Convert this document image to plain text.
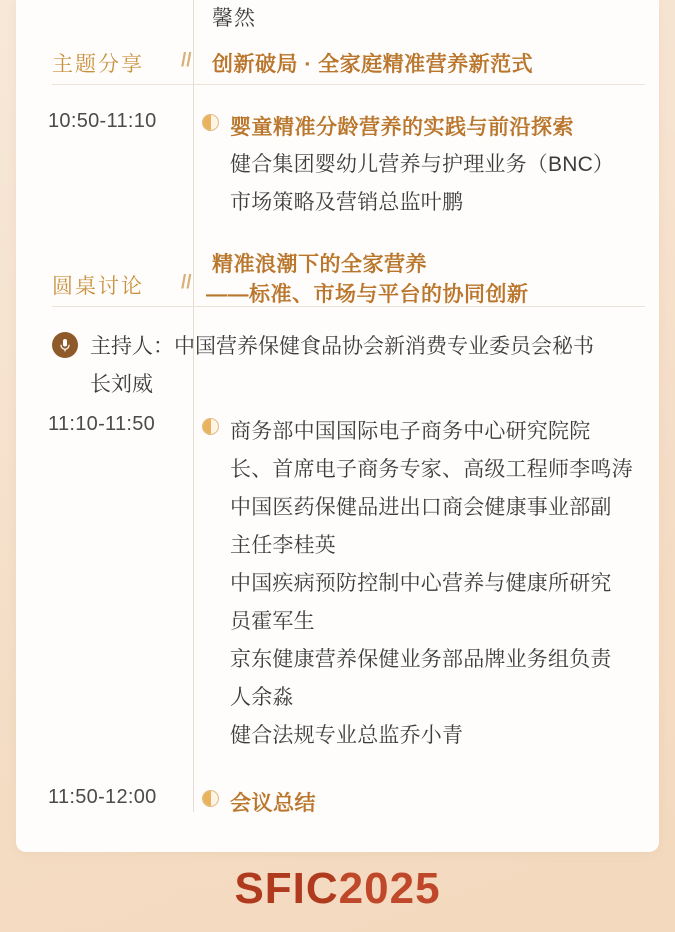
馨然
主题分享 // 创新破局 · 全家庭精准营养新范式
10:50-11:10	婴童精准分龄营养的实践与前沿探索
健合集团婴幼儿营养与护理业务（BNC）
市场策略及营销总监叶鹏
圆桌讨论 //
精准浪潮下的全家营养
——标准、市场与平台的协同创新
主持人：中国营养保健食品协会新消费专业委员会秘书
长刘威
11:10-11:50	商务部中国国际电子商务中心研究院院
长、首席电子商务专家、高级工程师李鸣涛
中国医药保健品进出口商会健康事业部副
主任李桂英
中国疾病预防控制中心营养与健康所研究
员霍军生
京东健康营养保健业务部品牌业务组负责
人余淼
健合法规专业总监乔小青
11:50-12:00	会议总结
SFIC2025
